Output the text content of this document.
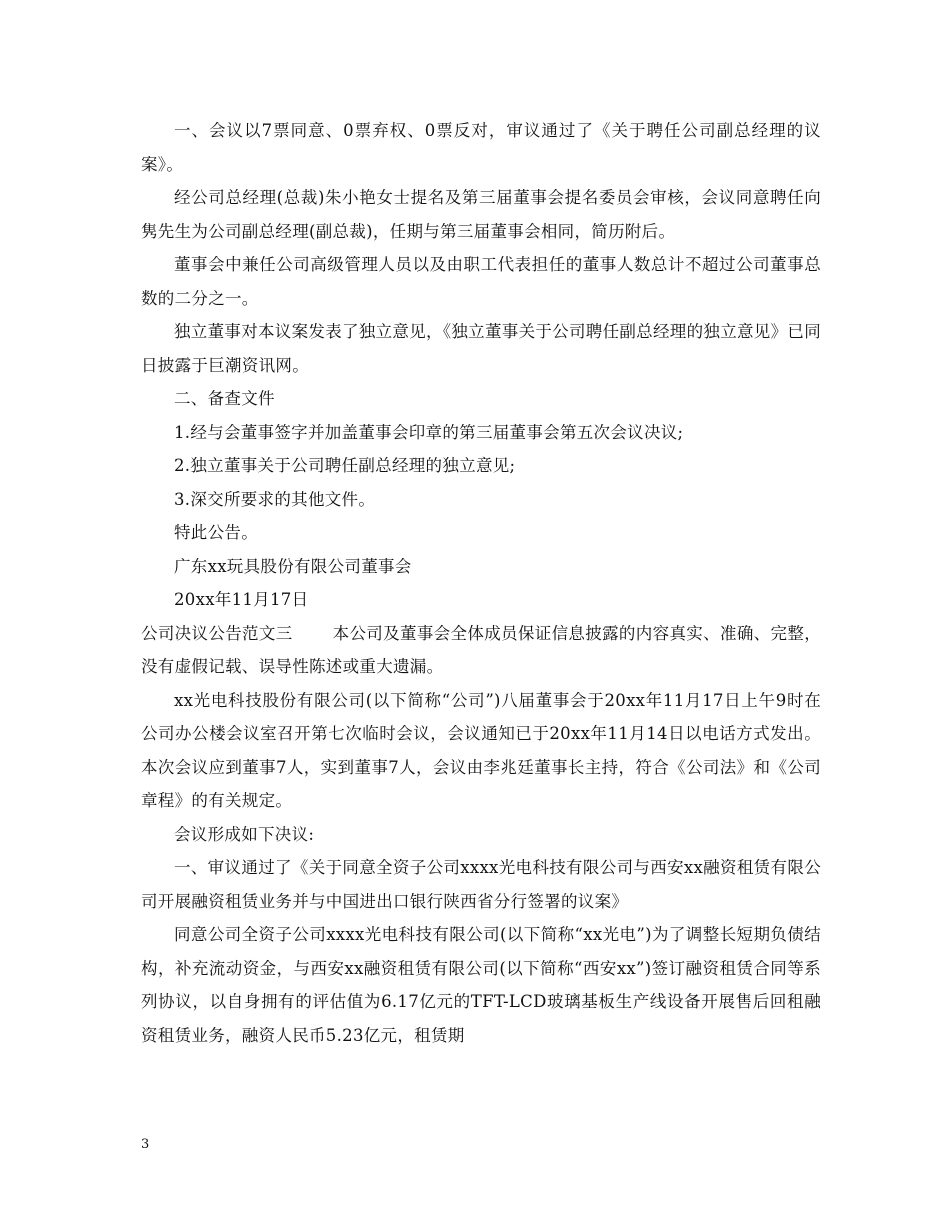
一、会议以7票同意、0票弃权、0票反对，审议通过了《关于聘任公司副总经理的议案》。

经公司总经理(总裁)朱小艳女士提名及第三届董事会提名委员会审核，会议同意聘任向隽先生为公司副总经理(副总裁)，任期与第三届董事会相同，简历附后。

董事会中兼任公司高级管理人员以及由职工代表担任的董事人数总计不超过公司董事总数的二分之一。

独立董事对本议案发表了独立意见，《独立董事关于公司聘任副总经理的独立意见》已同日披露于巨潮资讯网。

二、备查文件

1.经与会董事签字并加盖董事会印章的第三届董事会第五次会议决议;

2.独立董事关于公司聘任副总经理的独立意见;

3.深交所要求的其他文件。

特此公告。

广东xx玩具股份有限公司董事会

20xx年11月17日

公司决议公告范文三 本公司及董事会全体成员保证信息披露的内容真实、准确、完整，没有虚假记载、误导性陈述或重大遗漏。

xx光电科技股份有限公司(以下简称“公司”)八届董事会于20xx年11月17日上午9时在公司办公楼会议室召开第七次临时会议，会议通知已于20xx年11月14日以电话方式发出。本次会议应到董事7人，实到董事7人，会议由李兆廷董事长主持，符合《公司法》和《公司章程》的有关规定。

会议形成如下决议:

一、审议通过了《关于同意全资子公司xxxx光电科技有限公司与西安xx融资租赁有限公司开展融资租赁业务并与中国进出口银行陕西省分行签署的议案》

同意公司全资子公司xxxx光电科技有限公司(以下简称“xx光电”)为了调整长短期负债结构，补充流动资金，与西安xx融资租赁有限公司(以下简称“西安xx”)签订融资租赁合同等系列协议，以自身拥有的评估值为6.17亿元的TFT-LCD玻璃基板生产线设备开展售后回租融资租赁业务，融资人民币5.23亿元，租赁期

3
